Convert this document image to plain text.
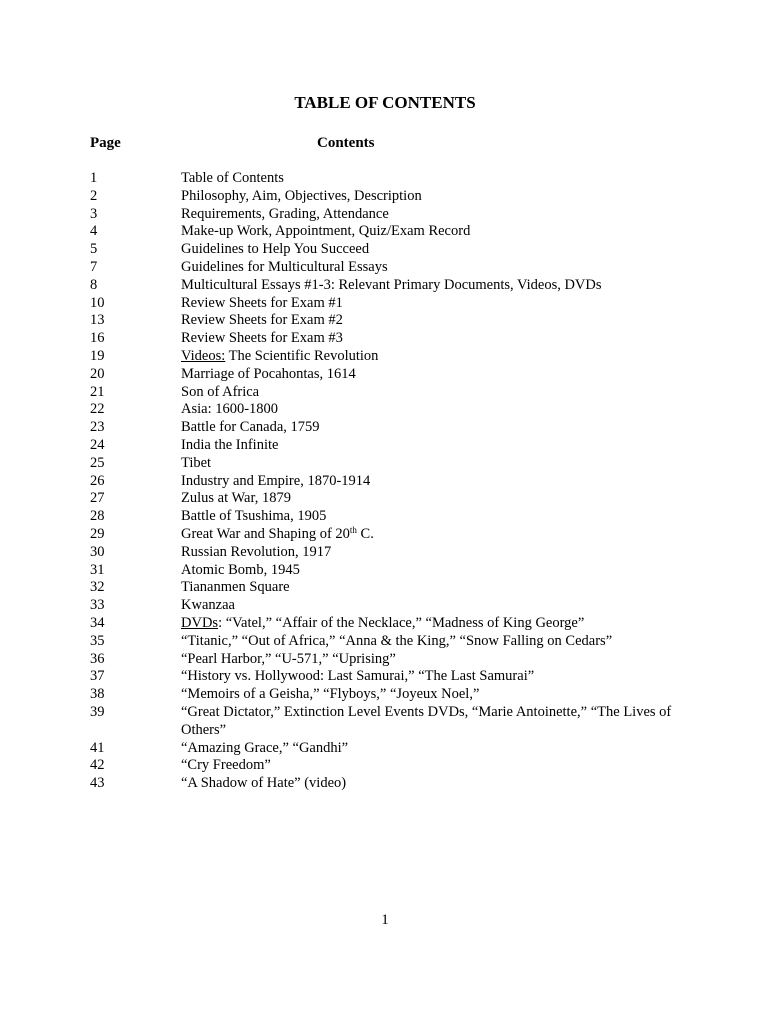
TABLE OF CONTENTS
Page	Contents
1	Table of Contents
2	Philosophy, Aim, Objectives, Description
3	Requirements, Grading, Attendance
4	Make-up Work, Appointment, Quiz/Exam Record
5	Guidelines to Help You Succeed
7	Guidelines for Multicultural Essays
8	Multicultural Essays #1-3: Relevant Primary Documents, Videos, DVDs
10	Review Sheets for Exam #1
13	Review Sheets for Exam #2
16	Review Sheets for Exam #3
19	Videos: The Scientific Revolution
20	Marriage of Pocahontas, 1614
21	Son of Africa
22	Asia: 1600-1800
23	Battle for Canada, 1759
24	India the Infinite
25	Tibet
26	Industry and Empire, 1870-1914
27	Zulus at War, 1879
28	Battle of Tsushima, 1905
29	Great War and Shaping of 20th C.
30	Russian Revolution, 1917
31	Atomic Bomb, 1945
32	Tiananmen Square
33	Kwanzaa
34	DVDs: “Vatel,” “Affair of the Necklace,” “Madness of King George”
35	“Titanic,” “Out of Africa,” “Anna & the King,” “Snow Falling on Cedars”
36	“Pearl Harbor,” “U-571,” “Uprising”
37	“History vs. Hollywood: Last Samurai,” “The Last Samurai”
38	“Memoirs of a Geisha,” “Flyboys,” “Joyeux Noel,”
39	“Great Dictator,” Extinction Level Events DVDs, “Marie Antoinette,” “The Lives of Others”
41	“Amazing Grace,” “Gandhi”
42	“Cry Freedom”
43	“A Shadow of Hate” (video)
1
